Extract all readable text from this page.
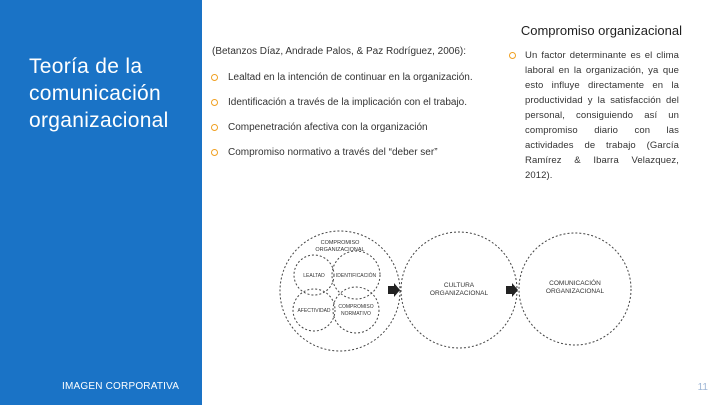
Teoría de la comunicación organizacional
IMAGEN CORPORATIVA
Compromiso organizacional
(Betanzos Díaz, Andrade Palos, & Paz Rodríguez, 2006):
Lealtad en la intención de continuar en la organización.
Identificación a través de la implicación con el trabajo.
Compenetración afectiva con la organización
Compromiso normativo a través del “deber ser”
Un factor determinante es el clima laboral en la organización, ya que esto influye directamente en la productividad y la satisfacción del personal, consiguiendo así un compromiso diario con las actividades de trabajo (García Ramírez & Ibarra Velazquez, 2012).
COMPROMISO
ORGANIZACIONAL
LEALTAD IDENTIFICACIÓN
AFECTIVIDAD
COMPROMISO
NORMATIVO
CULTURA
ORGANIZACIONAL
COMUNICACIÓN
ORGANIZACIONAL
11
